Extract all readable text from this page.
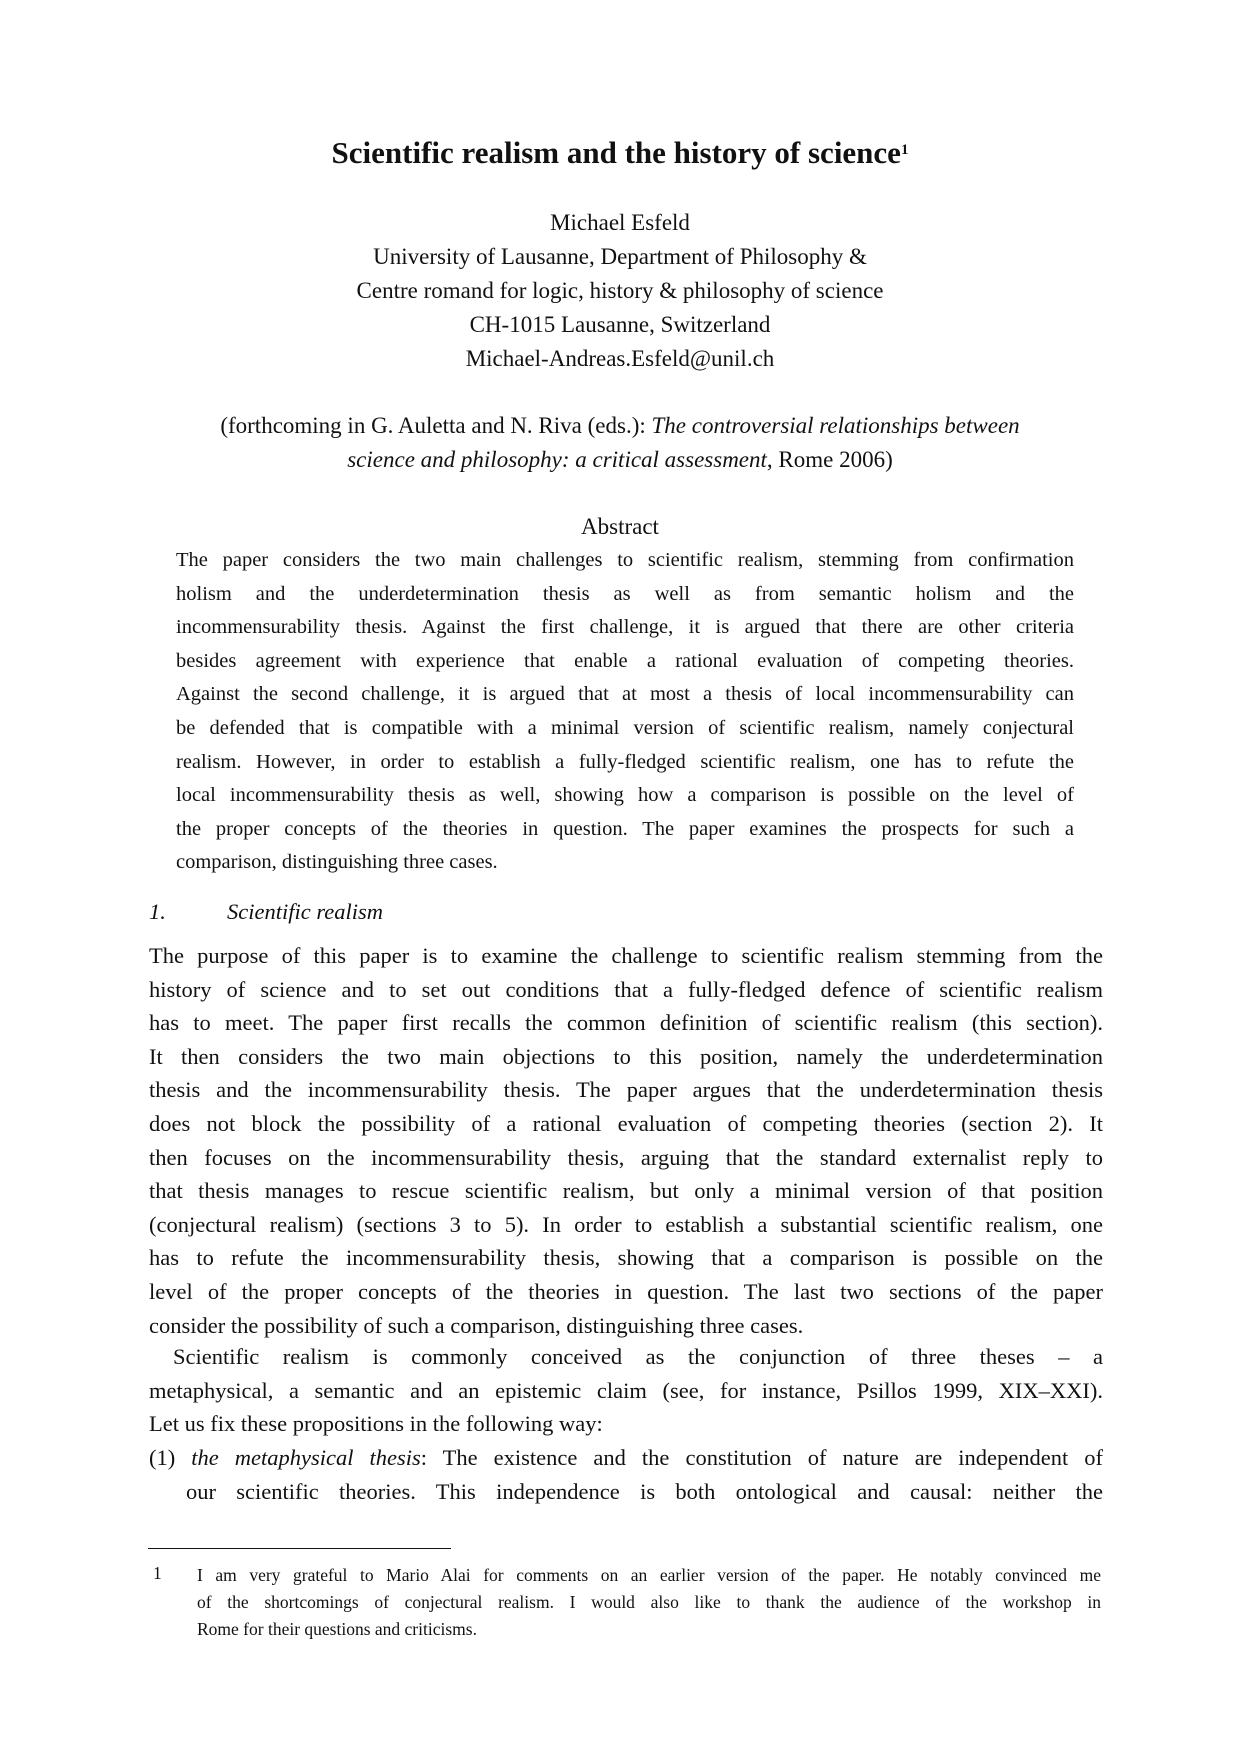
Scientific realism and the history of science$^1$
Michael Esfeld
University of Lausanne, Department of Philosophy &
Centre romand for logic, history & philosophy of science
CH-1015 Lausanne, Switzerland
Michael-Andreas.Esfeld@unil.ch
(forthcoming in G. Auletta and N. Riva (eds.): The controversial relationships between
science and philosophy: a critical assessment, Rome 2006)
Abstract
The paper considers the two main challenges to scientific realism, stemming from confirmation
holism and the underdetermination thesis as well as from semantic holism and the
incommensurability thesis. Against the first challenge, it is argued that there are other criteria
besides agreement with experience that enable a rational evaluation of competing theories.
Against the second challenge, it is argued that at most a thesis of local incommensurability can
be defended that is compatible with a minimal version of scientific realism, namely conjectural
realism. However, in order to establish a fully-fledged scientific realism, one has to refute the
local incommensurability thesis as well, showing how a comparison is possible on the level of
the proper concepts of the theories in question. The paper examines the prospects for such a
comparison, distinguishing three cases.
1.	Scientific realism
The purpose of this paper is to examine the challenge to scientific realism stemming from the
history of science and to set out conditions that a fully-fledged defence of scientific realism
has to meet. The paper first recalls the common definition of scientific realism (this section).
It then considers the two main objections to this position, namely the underdetermination
thesis and the incommensurability thesis. The paper argues that the underdetermination thesis
does not block the possibility of a rational evaluation of competing theories (section 2). It
then focuses on the incommensurability thesis, arguing that the standard externalist reply to
that thesis manages to rescue scientific realism, but only a minimal version of that position
(conjectural realism) (sections 3 to 5). In order to establish a substantial scientific realism, one
has to refute the incommensurability thesis, showing that a comparison is possible on the
level of the proper concepts of the theories in question. The last two sections of the paper
consider the possibility of such a comparison, distinguishing three cases.
Scientific realism is commonly conceived as the conjunction of three theses – a
metaphysical, a semantic and an epistemic claim (see, for instance, Psillos 1999, XIX–XXI).
Let us fix these propositions in the following way:
(1) the metaphysical thesis: The existence and the constitution of nature are independent of
our scientific theories. This independence is both ontological and causal: neither the
1 I am very grateful to Mario Alai for comments on an earlier version of the paper. He notably convinced me
of the shortcomings of conjectural realism. I would also like to thank the audience of the workshop in
Rome for their questions and criticisms.
